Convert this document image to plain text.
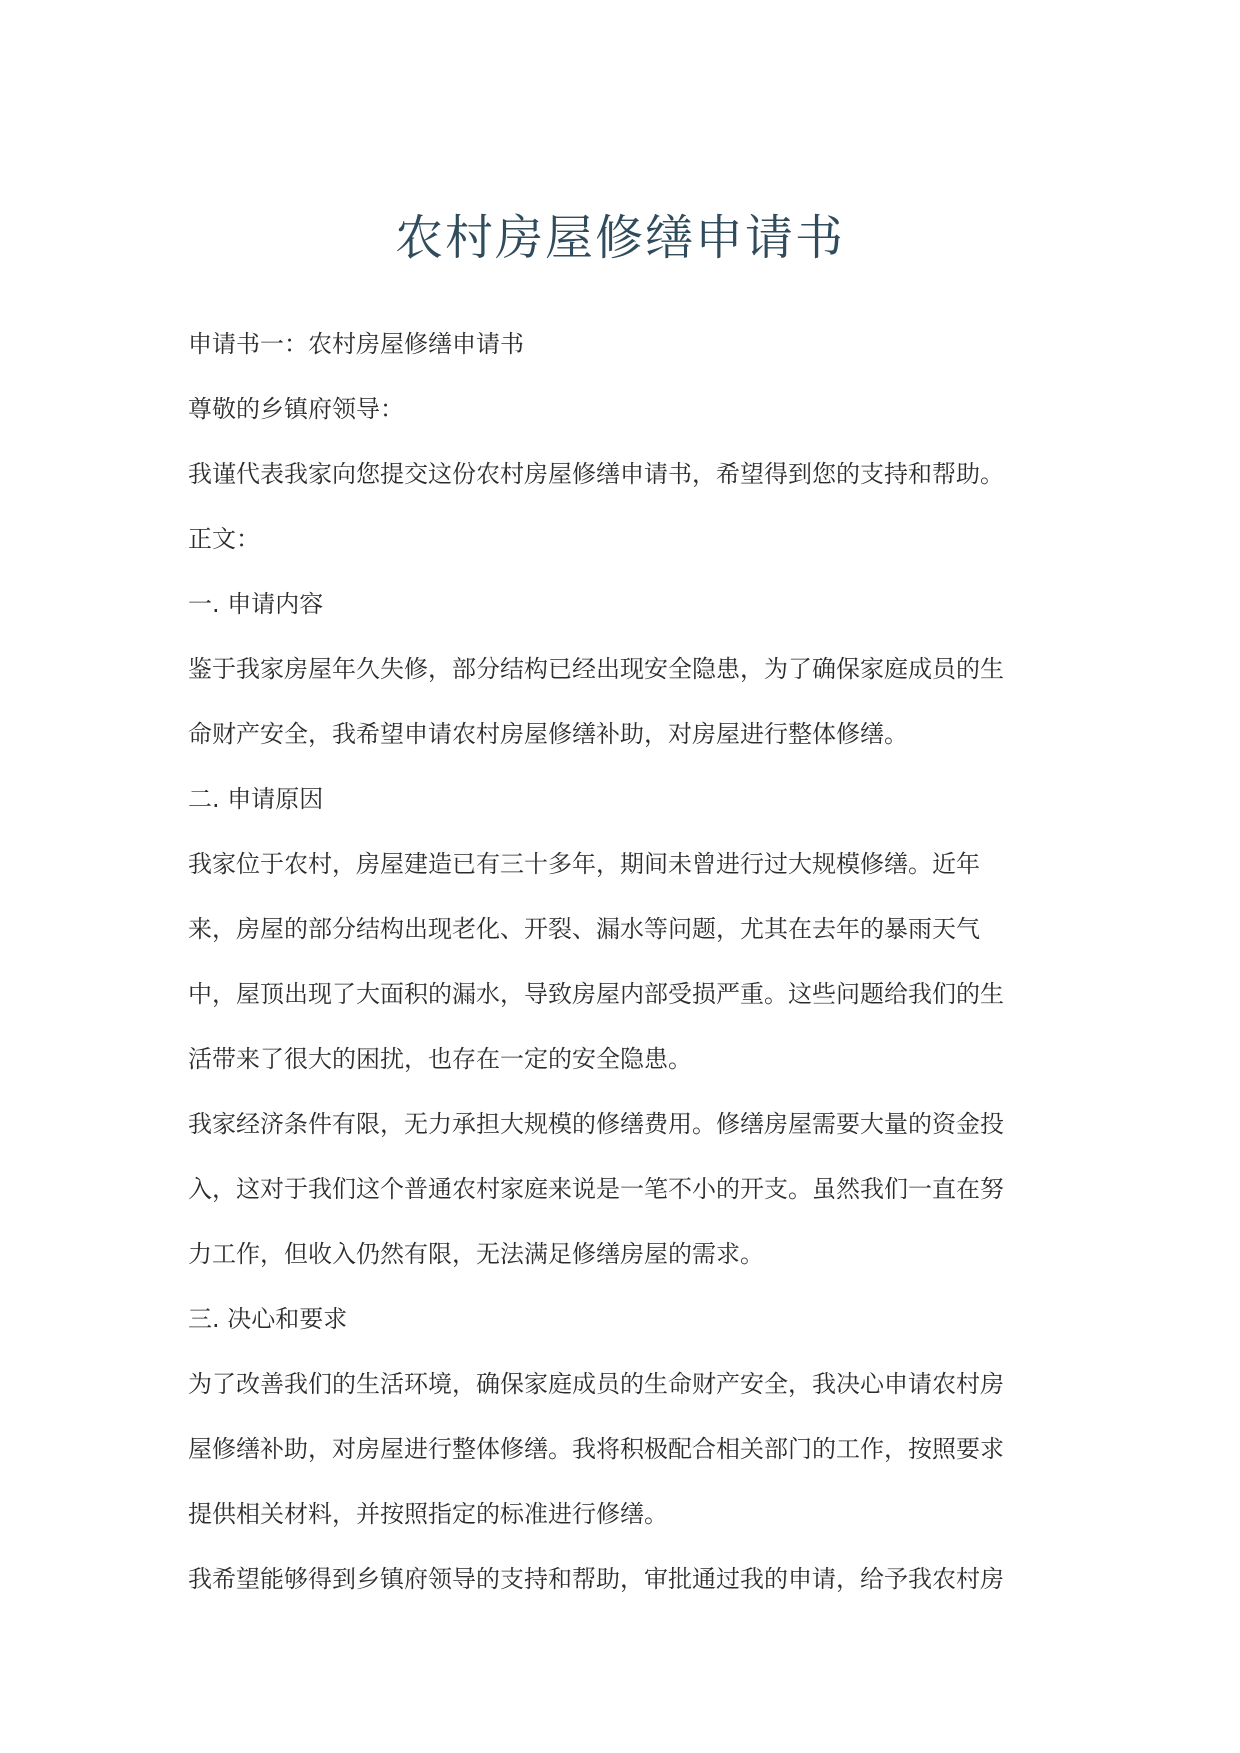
农村房屋修缮申请书
申请书一：农村房屋修缮申请书
尊敬的乡镇府领导：
我谨代表我家向您提交这份农村房屋修缮申请书，希望得到您的支持和帮助。
正文：
一. 申请内容
鉴于我家房屋年久失修，部分结构已经出现安全隐患，为了确保家庭成员的生
命财产安全，我希望申请农村房屋修缮补助，对房屋进行整体修缮。
二. 申请原因
我家位于农村，房屋建造已有三十多年，期间未曾进行过大规模修缮。近年
来，房屋的部分结构出现老化、开裂、漏水等问题，尤其在去年的暴雨天气
中，屋顶出现了大面积的漏水，导致房屋内部受损严重。这些问题给我们的生
活带来了很大的困扰，也存在一定的安全隐患。
我家经济条件有限，无力承担大规模的修缮费用。修缮房屋需要大量的资金投
入，这对于我们这个普通农村家庭来说是一笔不小的开支。虽然我们一直在努
力工作，但收入仍然有限，无法满足修缮房屋的需求。
三. 决心和要求
为了改善我们的生活环境，确保家庭成员的生命财产安全，我决心申请农村房
屋修缮补助，对房屋进行整体修缮。我将积极配合相关部门的工作，按照要求
提供相关材料，并按照指定的标准进行修缮。
我希望能够得到乡镇府领导的支持和帮助，审批通过我的申请，给予我农村房
